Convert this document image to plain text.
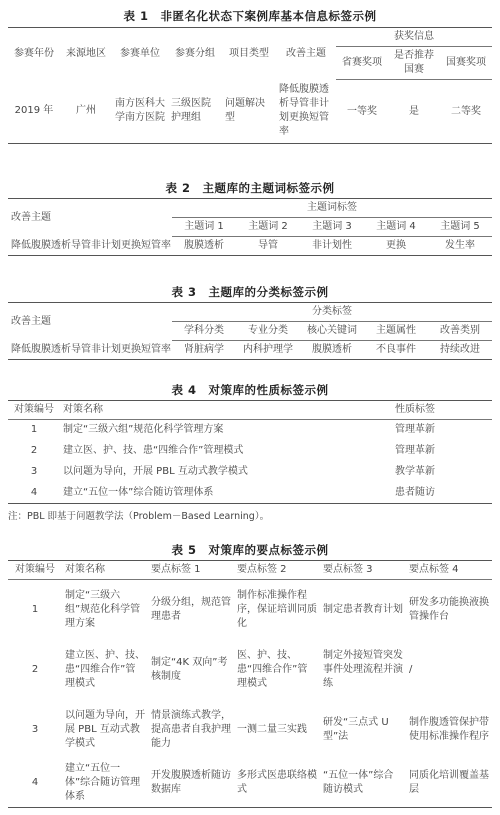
表 1 非匿名化状态下案例库基本信息标签示例
参赛年份	来源地区	参赛单位	参赛分组	项目类型	改善主题	获奖信息		
						省赛奖项	是否推荐国赛	国赛奖项
2019 年	广州	南方医科大学南方医院	三级医院护理组	问题解决型	降低腹膜透析导管非计划更换短管率	一等奖	是	二等奖
表 2 主题库的主题词标签示例
改善主题	主题词标签				
	主题词 1	主题词 2	主题词 3	主题词 4	主题词 5
降低腹膜透析导管非计划更换短管率	腹膜透析	导管	非计划性	更换	发生率
表 3 主题库的分类标签示例
改善主题	分类标签				
	学科分类	专业分类	核心关键词	主题属性	改善类别
降低腹膜透析导管非计划更换短管率	肾脏病学	内科护理学	腹膜透析	不良事件	持续改进
表 4 对策库的性质标签示例
对策编号	对策名称	性质标签
1	制定“三级六组”规范化科学管理方案	管理革新
2	建立医、护、技、患“四维合作”管理模式	管理革新
3	以问题为导向，开展 PBL 互动式教学模式	教学革新
4	建立“五位一体”综合随访管理体系	患者随访
注：PBL 即基于问题教学法（Problem－Based Learning）。
表 5 对策库的要点标签示例
对策编号	对策名称	要点标签 1	要点标签 2	要点标签 3	要点标签 4
1	制定“三级六组”规范化科学管理方案	分级分组，规范管理患者	制作标准操作程序，保证培训同质化	制定患者教育计划	研发多功能换液换管操作台
2	建立医、护、技、患“四维合作”管理模式	制定“4K 双向”考核制度	医、护、技、患“四维合作”管理模式	制定外接短管突发事件处理流程并演练	/
3	以问题为导向，开展 PBL 互动式教学模式	情景演练式教学，提高患者自我护理能力	一测二量三实践	研发“三点式 U 型”法	制作腹透管保护带使用标准操作程序
4	建立“五位一体”综合随访管理体系	开发腹膜透析随访数据库	多形式医患联络模式	“五位一体”综合随访模式	同质化培训覆盖基层
